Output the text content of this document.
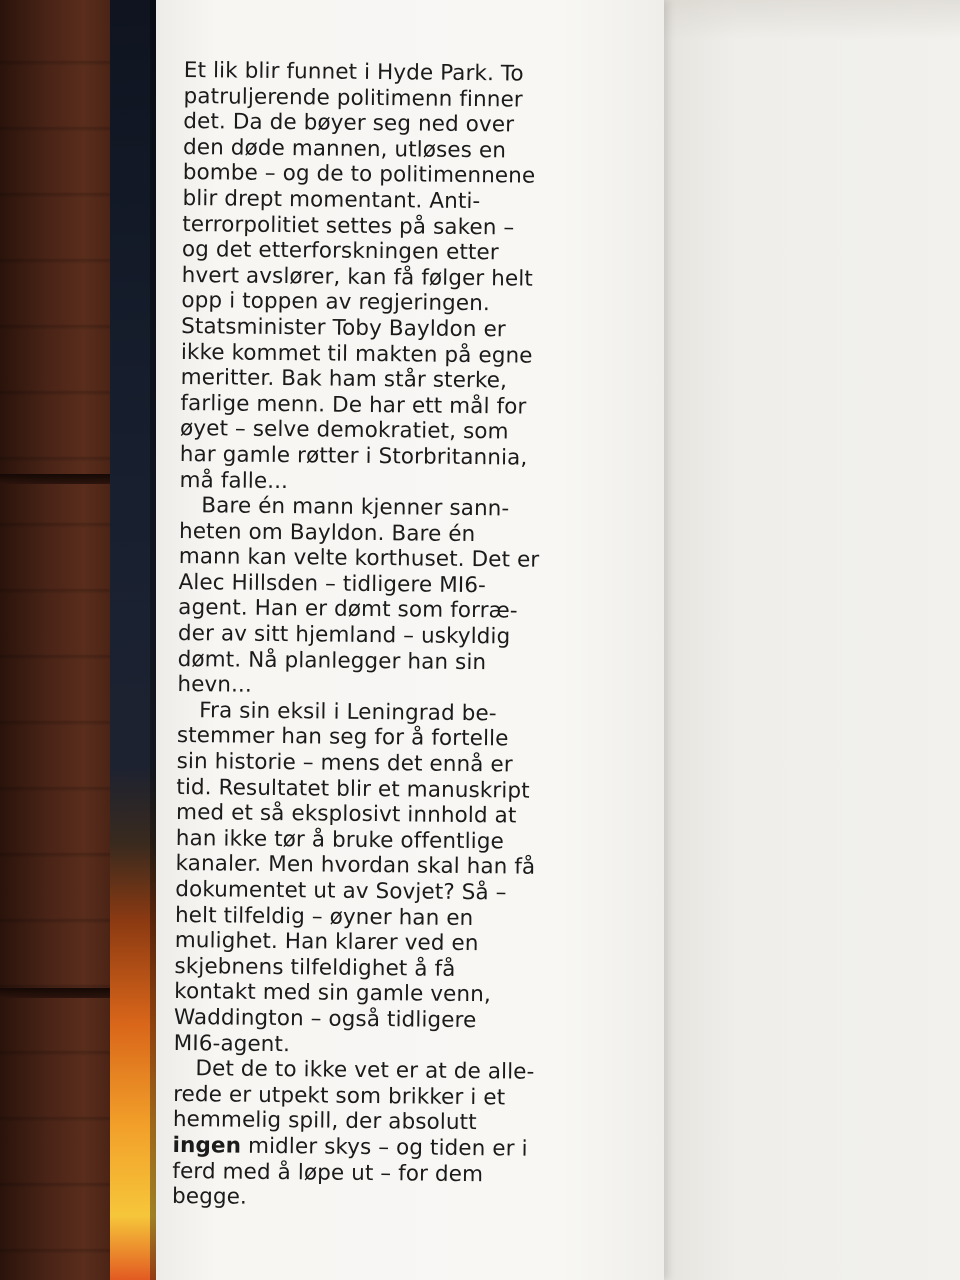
Et lik blir funnet i Hyde Park. To
patruljerende politimenn finner
det. Da de bøyer seg ned over
den døde mannen, utløses en
bombe – og de to politimennene
blir drept momentant. Anti-
terrorpolitiet settes på saken –
og det etterforskningen etter
hvert avslører, kan få følger helt
opp i toppen av regjeringen.
Statsminister Toby Bayldon er
ikke kommet til makten på egne
meritter. Bak ham står sterke,
farlige menn. De har ett mål for
øyet – selve demokratiet, som
har gamle røtter i Storbritannia,
må falle...
Bare én mann kjenner sann-
heten om Bayldon. Bare én
mann kan velte korthuset. Det er
Alec Hillsden – tidligere MI6-
agent. Han er dømt som forræ-
der av sitt hjemland – uskyldig
dømt. Nå planlegger han sin
hevn...
Fra sin eksil i Leningrad be-
stemmer han seg for å fortelle
sin historie – mens det ennå er
tid. Resultatet blir et manuskript
med et så eksplosivt innhold at
han ikke tør å bruke offentlige
kanaler. Men hvordan skal han få
dokumentet ut av Sovjet? Så –
helt tilfeldig – øyner han en
mulighet. Han klarer ved en
skjebnens tilfeldighet å få
kontakt med sin gamle venn,
Waddington – også tidligere
MI6-agent.
Det de to ikke vet er at de alle-
rede er utpekt som brikker i et
hemmelig spill, der absolutt
ingen midler skys – og tiden er i
ferd med å løpe ut – for dem
begge.
